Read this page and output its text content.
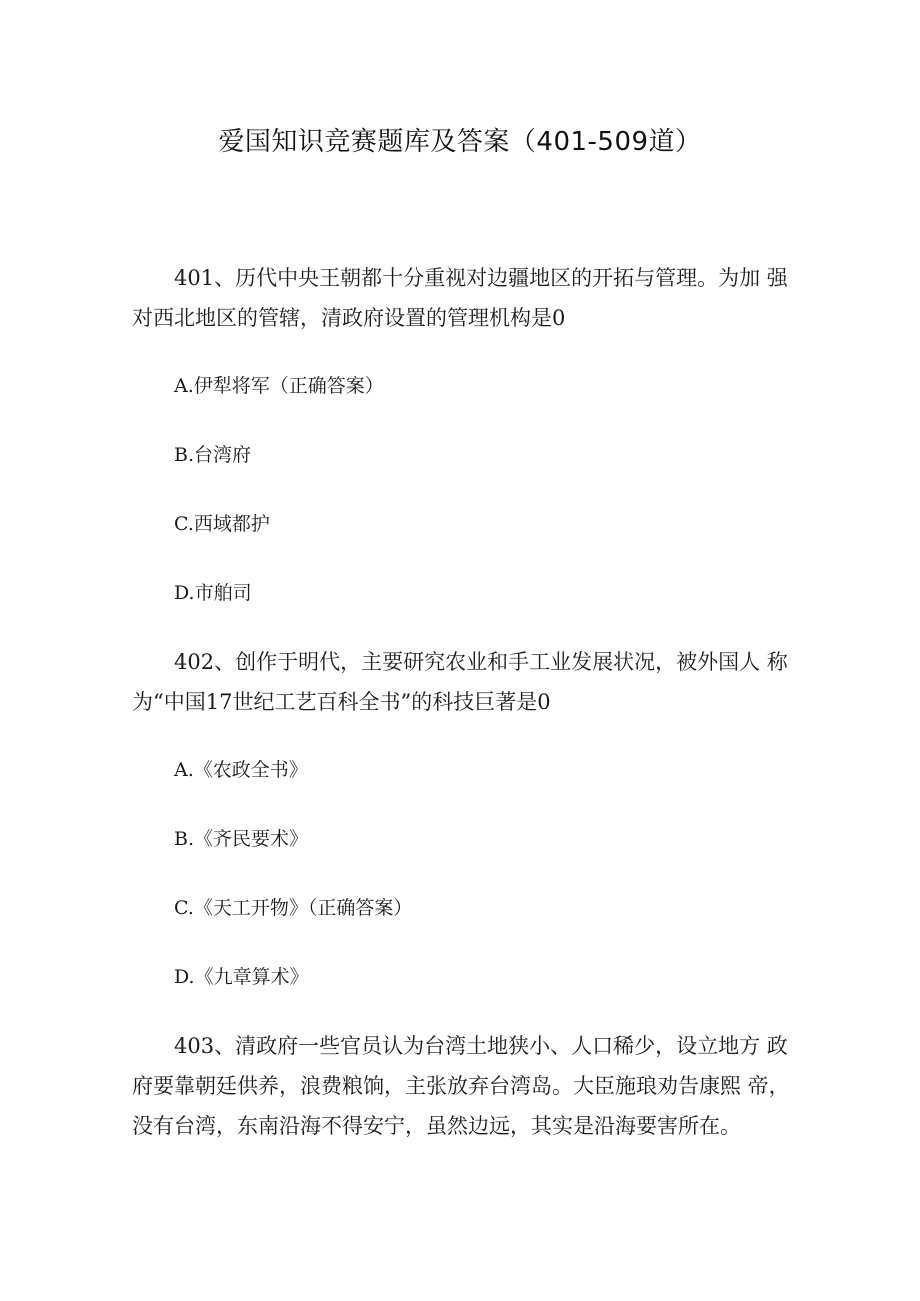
爱国知识竞赛题库及答案（401-509道）

401、历代中央王朝都十分重视对边疆地区的开拓与管理。为加 强对西北地区的管辖，清政府设置的管理机构是0

A.伊犁将军（正确答案）
B.台湾府
C.西域都护
D.市舶司

402、创作于明代，主要研究农业和手工业发展状况，被外国人 称为“中国17世纪工艺百科全书”的科技巨著是0

A.《农政全书》
B.《齐民要术》
C.《天工开物》（正确答案）
D.《九章算术》

403、清政府一些官员认为台湾土地狭小、人口稀少，设立地方 政府要靠朝廷供养，浪费粮饷，主张放弃台湾岛。大臣施琅劝告康熙 帝，没有台湾，东南沿海不得安宁，虽然边远，其实是沿海要害所在。
